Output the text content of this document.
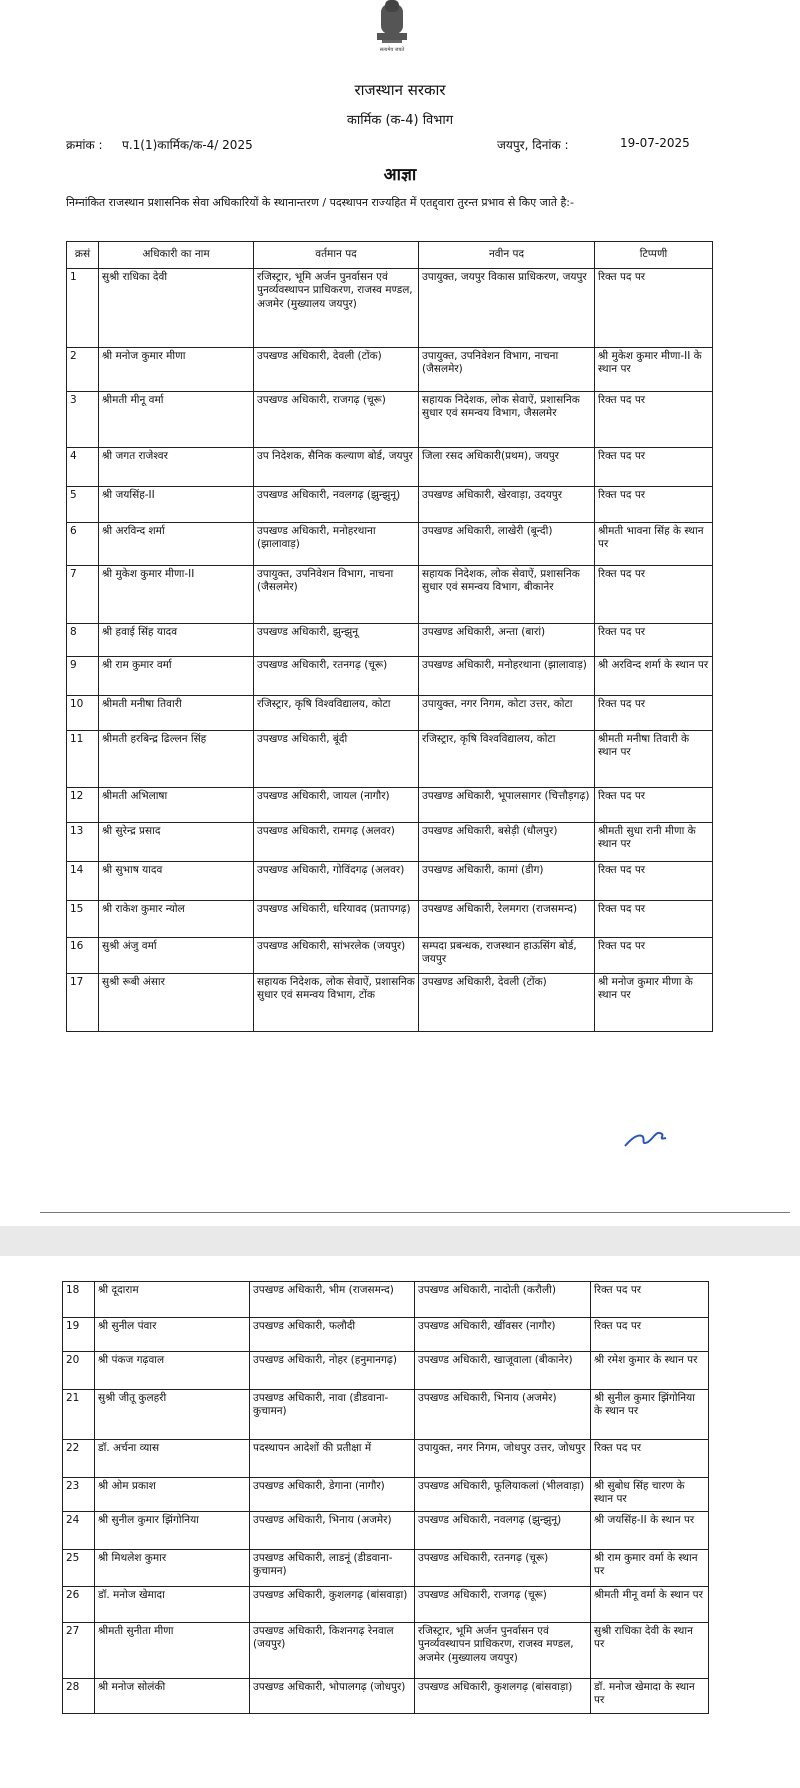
सत्यमेव जयते
राजस्थान सरकार
कार्मिक (क-4) विभाग
क्रमांक : प.1(1)कार्मिक/क-4/ 2025	जयपुर, दिनांक :	19-07-2025
आज्ञा
निम्नांकित राजस्थान प्रशासनिक सेवा अधिकारियों के स्थानान्तरण / पदस्थापन राज्यहित में एतद्द्वारा तुरन्त प्रभाव से किए जाते है:-
क्रसं	अधिकारी का नाम	वर्तमान पद	नवीन पद	टिप्पणी
1	सुश्री राधिका देवी	रजिस्ट्रार, भूमि अर्जन पुनर्वासन एवं पुनर्व्यवस्थापन प्राधिकरण, राजस्व मण्डल, अजमेर (मुख्यालय जयपुर)	उपायुक्त, जयपुर विकास प्राधिकरण, जयपुर	रिक्त पद पर
2	श्री मनोज कुमार मीणा	उपखण्ड अधिकारी, देवली (टोंक)	उपायुक्त, उपनिवेशन विभाग, नाचना (जैसलमेर)	श्री मुकेश कुमार मीणा-II के स्थान पर
3	श्रीमती मीनू वर्मा	उपखण्ड अधिकारी, राजगढ़ (चूरू)	सहायक निदेशक, लोक सेवाऐं, प्रशासनिक सुधार एवं समन्वय विभाग, जैसलमेर	रिक्त पद पर
4	श्री जगत राजेश्वर	उप निदेशक, सैनिक कल्याण बोर्ड, जयपुर	जिला रसद अधिकारी(प्रथम), जयपुर	रिक्त पद पर
5	श्री जयसिंह-II	उपखण्ड अधिकारी, नवलगढ़ (झुन्झुनू)	उपखण्ड अधिकारी, खेरवाड़ा, उदयपुर	रिक्त पद पर
6	श्री अरविन्द शर्मा	उपखण्ड अधिकारी, मनोहरथाना (झालावाड़)	उपखण्ड अधिकारी, लाखेरी (बून्दी)	श्रीमती भावना सिंह के स्थान पर
7	श्री मुकेश कुमार मीणा-II	उपायुक्त, उपनिवेशन विभाग, नाचना (जैसलमेर)	सहायक निदेशक, लोक सेवाऐं, प्रशासनिक सुधार एवं समन्वय विभाग, बीकानेर	रिक्त पद पर
8	श्री हवाई सिंह यादव	उपखण्ड अधिकारी, झुन्झुनू	उपखण्ड अधिकारी, अन्ता (बारां)	रिक्त पद पर
9	श्री राम कुमार वर्मा	उपखण्ड अधिकारी, रतनगढ़ (चूरू)	उपखण्ड अधिकारी, मनोहरथाना (झालावाड़)	श्री अरविन्द शर्मा के स्थान पर
10	श्रीमती मनीषा तिवारी	रजिस्ट्रार, कृषि विश्वविद्यालय, कोटा	उपायुक्त, नगर निगम, कोटा उत्तर, कोटा	रिक्त पद पर
11	श्रीमती हरबिन्द्र ढिल्लन सिंह	उपखण्ड अधिकारी, बूंदी	रजिस्ट्रार, कृषि विश्वविद्यालय, कोटा	श्रीमती मनीषा तिवारी के स्थान पर
12	श्रीमती अभिलाषा	उपखण्ड अधिकारी, जायल (नागौर)	उपखण्ड अधिकारी, भूपालसागर (चित्तौड़गढ़)	रिक्त पद पर
13	श्री सुरेन्द्र प्रसाद	उपखण्ड अधिकारी, रामगढ़ (अलवर)	उपखण्ड अधिकारी, बसेड़ी (धौलपुर)	श्रीमती सुधा रानी मीणा के स्थान पर
14	श्री सुभाष यादव	उपखण्ड अधिकारी, गोविंदगढ़ (अलवर)	उपखण्ड अधिकारी, कामां (डीग)	रिक्त पद पर
15	श्री राकेश कुमार न्योल	उपखण्ड अधिकारी, धरियावद (प्रतापगढ़)	उपखण्ड अधिकारी, रेलमगरा (राजसमन्द)	रिक्त पद पर
16	सुश्री अंजु वर्मा	उपखण्ड अधिकारी, सांभरलेक (जयपुर)	सम्पदा प्रबन्धक, राजस्थान हाऊसिंग बोर्ड, जयपुर	रिक्त पद पर
17	सुश्री रूबी अंसार	सहायक निदेशक, लोक सेवाऐं, प्रशासनिक सुधार एवं समन्वय विभाग, टोंक	उपखण्ड अधिकारी, देवली (टोंक)	श्री मनोज कुमार मीणा के स्थान पर
18	श्री दूदाराम	उपखण्ड अधिकारी, भीम (राजसमन्द)	उपखण्ड अधिकारी, नादोती (करौली)	रिक्त पद पर
19	श्री सुनील पंवार	उपखण्ड अधिकारी, फलौदी	उपखण्ड अधिकारी, खींवसर (नागौर)	रिक्त पद पर
20	श्री पंकज गढ़वाल	उपखण्ड अधिकारी, नोहर (हनुमानगढ़)	उपखण्ड अधिकारी, खाजूवाला (बीकानेर)	श्री रमेश कुमार के स्थान पर
21	सुश्री जीतू कुलहरी	उपखण्ड अधिकारी, नावा (डीडवाना-कुचामन)	उपखण्ड अधिकारी, भिनाय (अजमेर)	श्री सुनील कुमार झिंगोनिया के स्थान पर
22	डॉ. अर्चना व्यास	पदस्थापन आदेशों की प्रतीक्षा में	उपायुक्त, नगर निगम, जोधपुर उत्तर, जोधपुर	रिक्त पद पर
23	श्री ओम प्रकाश	उपखण्ड अधिकारी, डेगाना (नागौर)	उपखण्ड अधिकारी, फूलियाकलां (भीलवाड़ा)	श्री सुबोध सिंह चारण के स्थान पर
24	श्री सुनील कुमार झिंगोनिया	उपखण्ड अधिकारी, भिनाय (अजमेर)	उपखण्ड अधिकारी, नवलगढ़ (झुन्झुनू)	श्री जयसिंह-II के स्थान पर
25	श्री मिथलेश कुमार	उपखण्ड अधिकारी, लाडनूं (डीडवाना-कुचामन)	उपखण्ड अधिकारी, रतनगढ़ (चूरू)	श्री राम कुमार वर्मा के स्थान पर
26	डॉ. मनोज खेमादा	उपखण्ड अधिकारी, कुशलगढ़ (बांसवाड़ा)	उपखण्ड अधिकारी, राजगढ़ (चूरू)	श्रीमती मीनू वर्मा के स्थान पर
27	श्रीमती सुनीता मीणा	उपखण्ड अधिकारी, किशनगढ़ रेनवाल (जयपुर)	रजिस्ट्रार, भूमि अर्जन पुनर्वासन एवं पुनर्व्यवस्थापन प्राधिकरण, राजस्व मण्डल, अजमेर (मुख्यालय जयपुर)	सुश्री राधिका देवी के स्थान पर
28	श्री मनोज सोलंकी	उपखण्ड अधिकारी, भोपालगढ़ (जोधपुर)	उपखण्ड अधिकारी, कुशलगढ़ (बांसवाड़ा)	डॉ. मनोज खेमादा के स्थान पर
